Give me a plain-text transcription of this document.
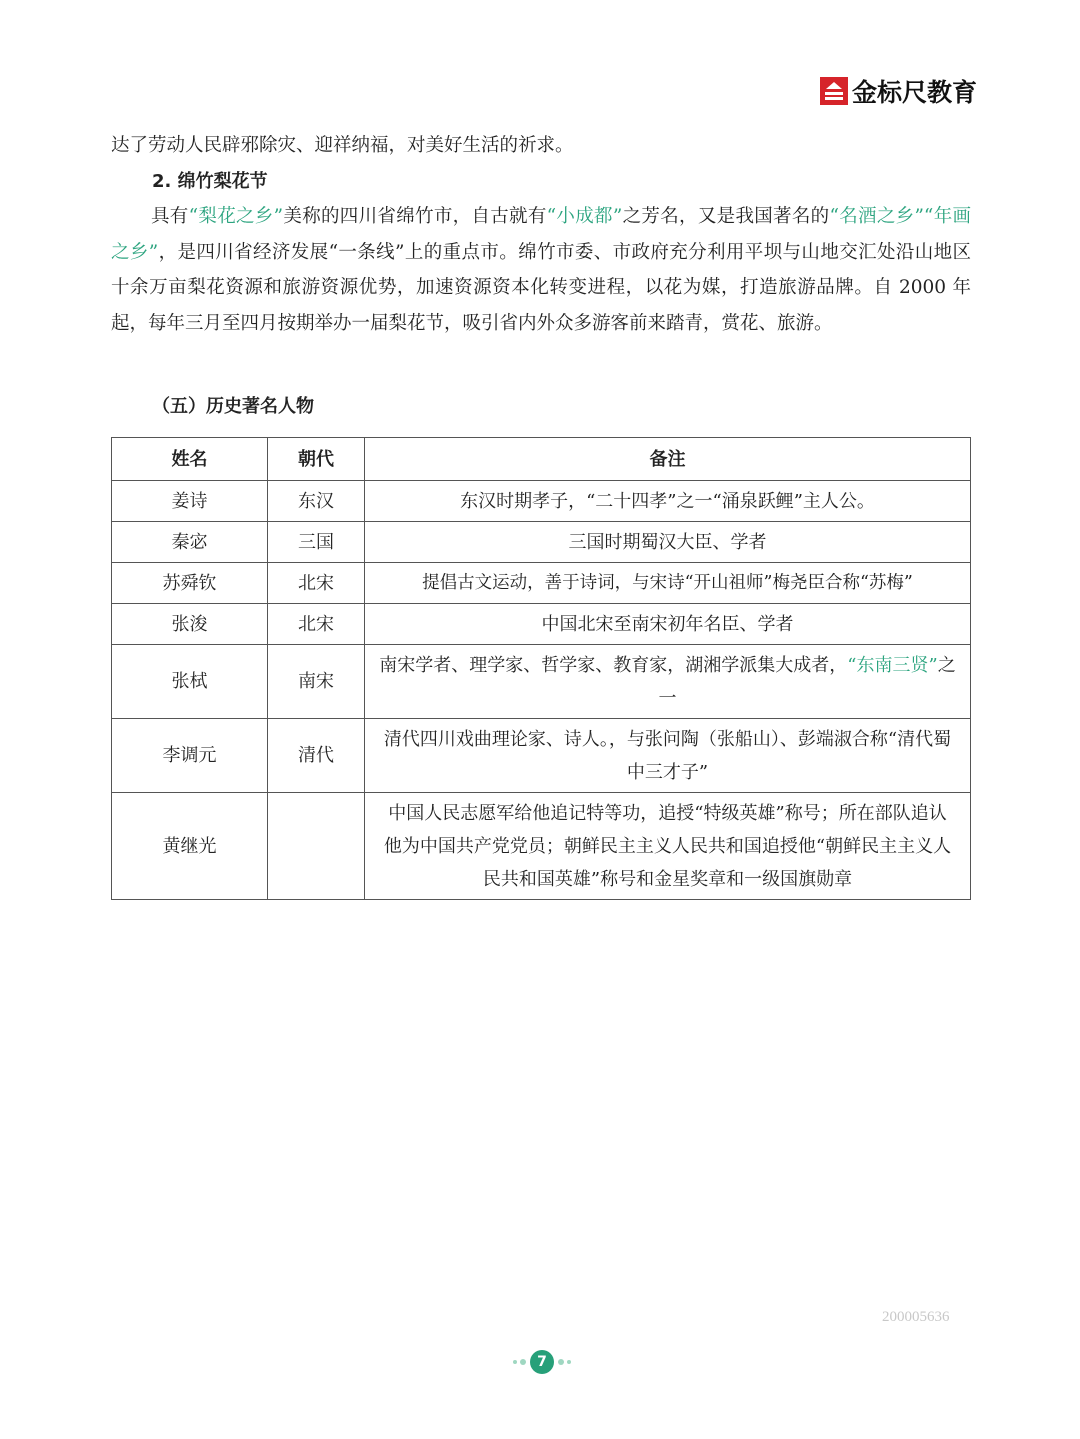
金标尺教育
达了劳动人民辟邪除灾、迎祥纳福，对美好生活的祈求。
2. 绵竹梨花节
具有“梨花之乡”美称的四川省绵竹市，自古就有“小成都”之芳名，又是我国著名的“名酒之乡”“年画之乡”，是四川省经济发展“一条线”上的重点市。绵竹市委、市政府充分利用平坝与山地交汇处沿山地区十余万亩梨花资源和旅游资源优势，加速资源资本化转变进程，以花为媒，打造旅游品牌。自 2000 年起，每年三月至四月按期举办一届梨花节，吸引省内外众多游客前来踏青，赏花、旅游。
（五）历史著名人物
姓名	朝代	备注
姜诗	东汉	东汉时期孝子，“二十四孝”之一“涌泉跃鲤”主人公。
秦宓	三国	三国时期蜀汉大臣、学者
苏舜钦	北宋	提倡古文运动，善于诗词，与宋诗“开山祖师”梅尧臣合称“苏梅”
张浚	北宋	中国北宋至南宋初年名臣、学者
张栻	南宋	南宋学者、理学家、哲学家、教育家，湖湘学派集大成者，“东南三贤”之一
李调元	清代	清代四川戏曲理论家、诗人。，与张问陶（张船山）、彭端淑合称“清代蜀中三才子”
黄继光		中国人民志愿军给他追记特等功，追授“特级英雄”称号；所在部队追认他为中国共产党党员；朝鲜民主主义人民共和国追授他“朝鲜民主主义人民共和国英雄”称号和金星奖章和一级国旗勋章
200005636
7
